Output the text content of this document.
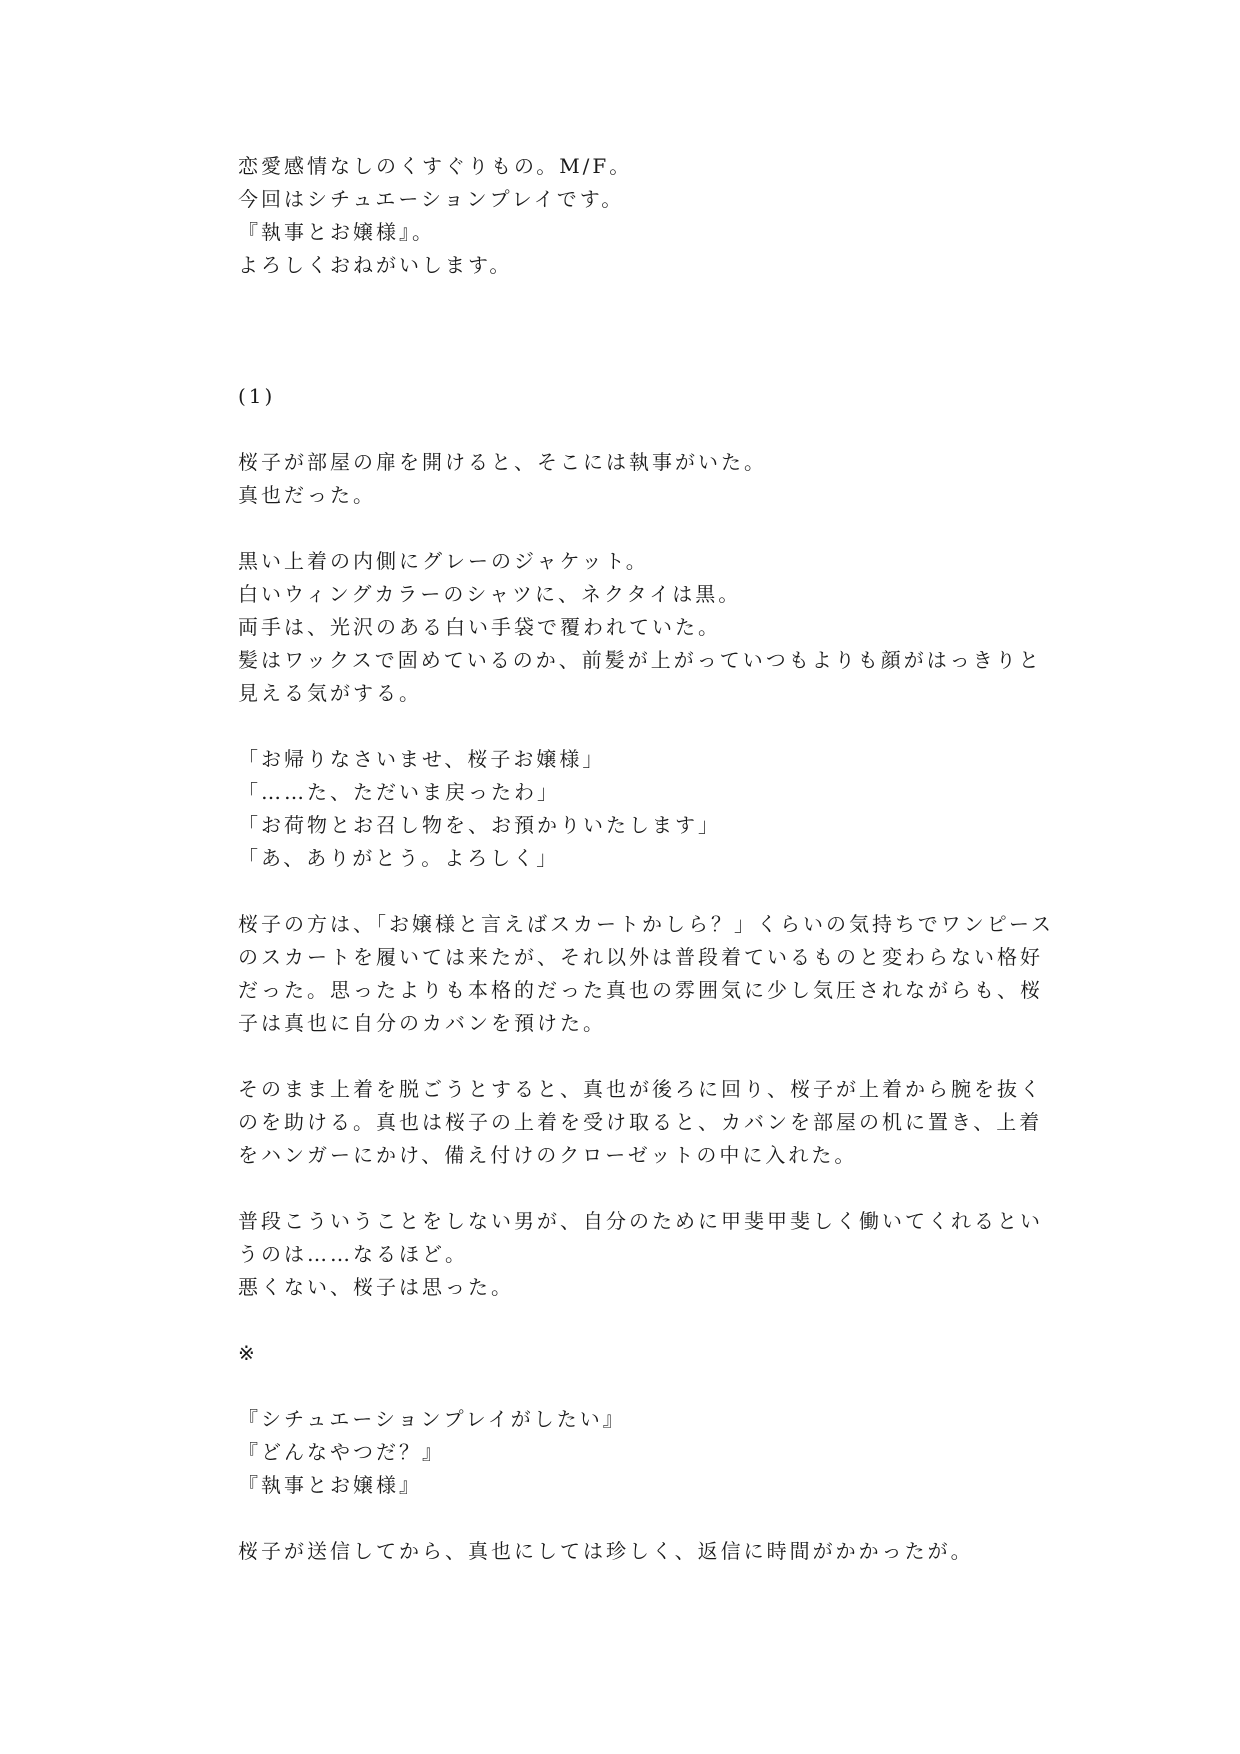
恋愛感情なしのくすぐりもの。M/F。
今回はシチュエーションプレイです。
『執事とお嬢様』。
よろしくおねがいします。
(1)
桜子が部屋の扉を開けると、そこには執事がいた。
真也だった。
黒い上着の内側にグレーのジャケット。
白いウィングカラーのシャツに、ネクタイは黒。
両手は、光沢のある白い手袋で覆われていた。
髪はワックスで固めているのか、前髪が上がっていつもよりも顔がはっきりと
見える気がする。
「お帰りなさいませ、桜子お嬢様」
「……た、ただいま戻ったわ」
「お荷物とお召し物を、お預かりいたします」
「あ、ありがとう。よろしく」
桜子の方は、「お嬢様と言えばスカートかしら？」くらいの気持ちでワンピース
のスカートを履いては来たが、それ以外は普段着ているものと変わらない格好
だった。思ったよりも本格的だった真也の雰囲気に少し気圧されながらも、桜
子は真也に自分のカバンを預けた。
そのまま上着を脱ごうとすると、真也が後ろに回り、桜子が上着から腕を抜く
のを助ける。真也は桜子の上着を受け取ると、カバンを部屋の机に置き、上着
をハンガーにかけ、備え付けのクローゼットの中に入れた。
普段こういうことをしない男が、自分のために甲斐甲斐しく働いてくれるとい
うのは……なるほど。
悪くない、桜子は思った。
※
『シチュエーションプレイがしたい』
『どんなやつだ？』
『執事とお嬢様』
桜子が送信してから、真也にしては珍しく、返信に時間がかかったが。
